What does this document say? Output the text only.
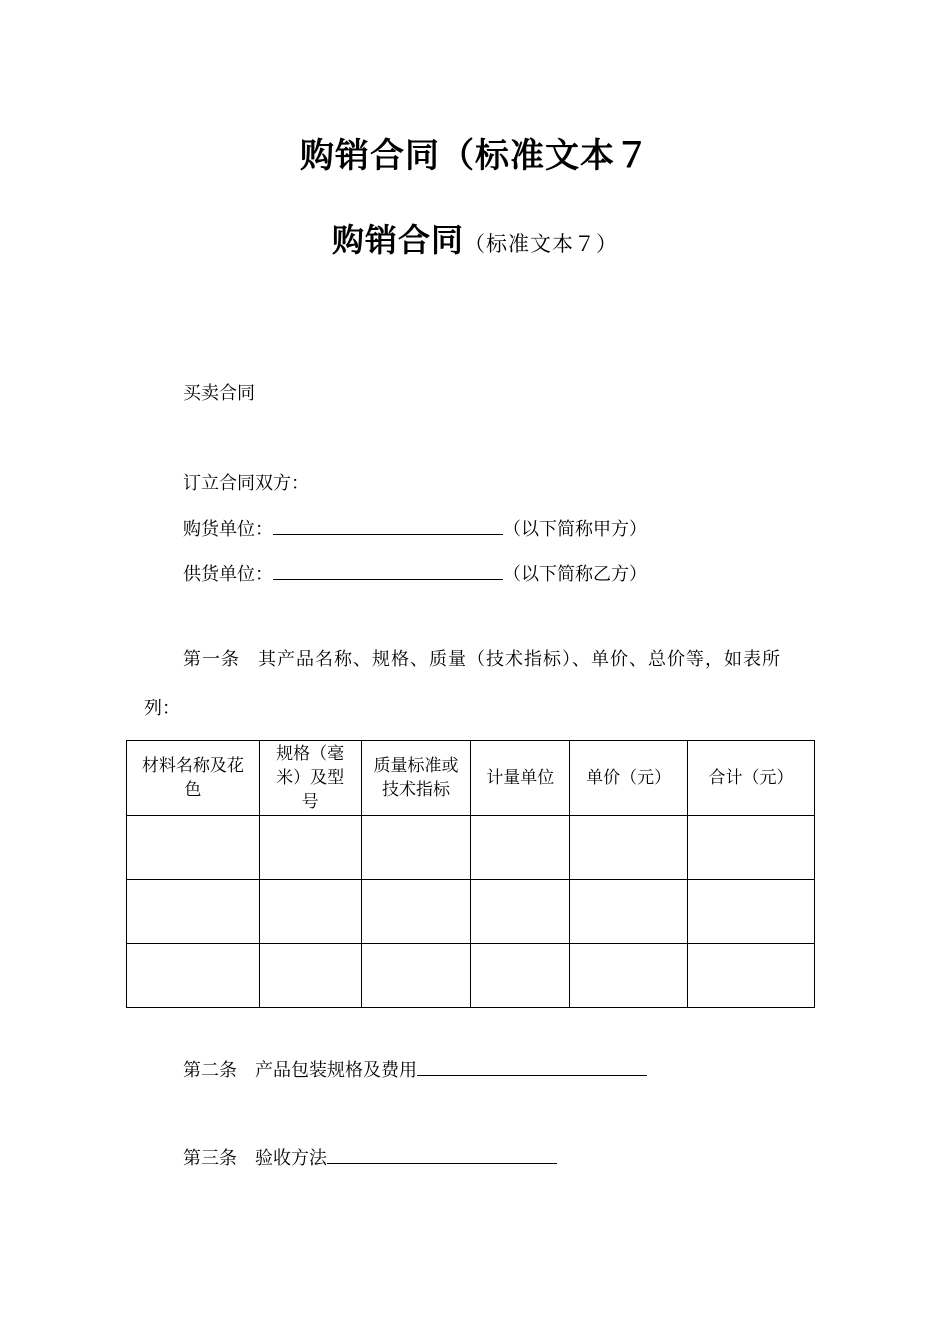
购销合同（标准文本７

购销合同（标准文本７）

买卖合同

订立合同双方：

购货单位：	（以下简称甲方）

供货单位：	（以下简称乙方）

第一条 其产品名称、规格、质量（技术指标）、单价、总价等，如表所

列：

材料名称及花色	规格（毫米）及型号	质量标准或技术指标	计量单位	单价（元）	合计（元）

第二条 产品包装规格及费用

第三条 验收方法
